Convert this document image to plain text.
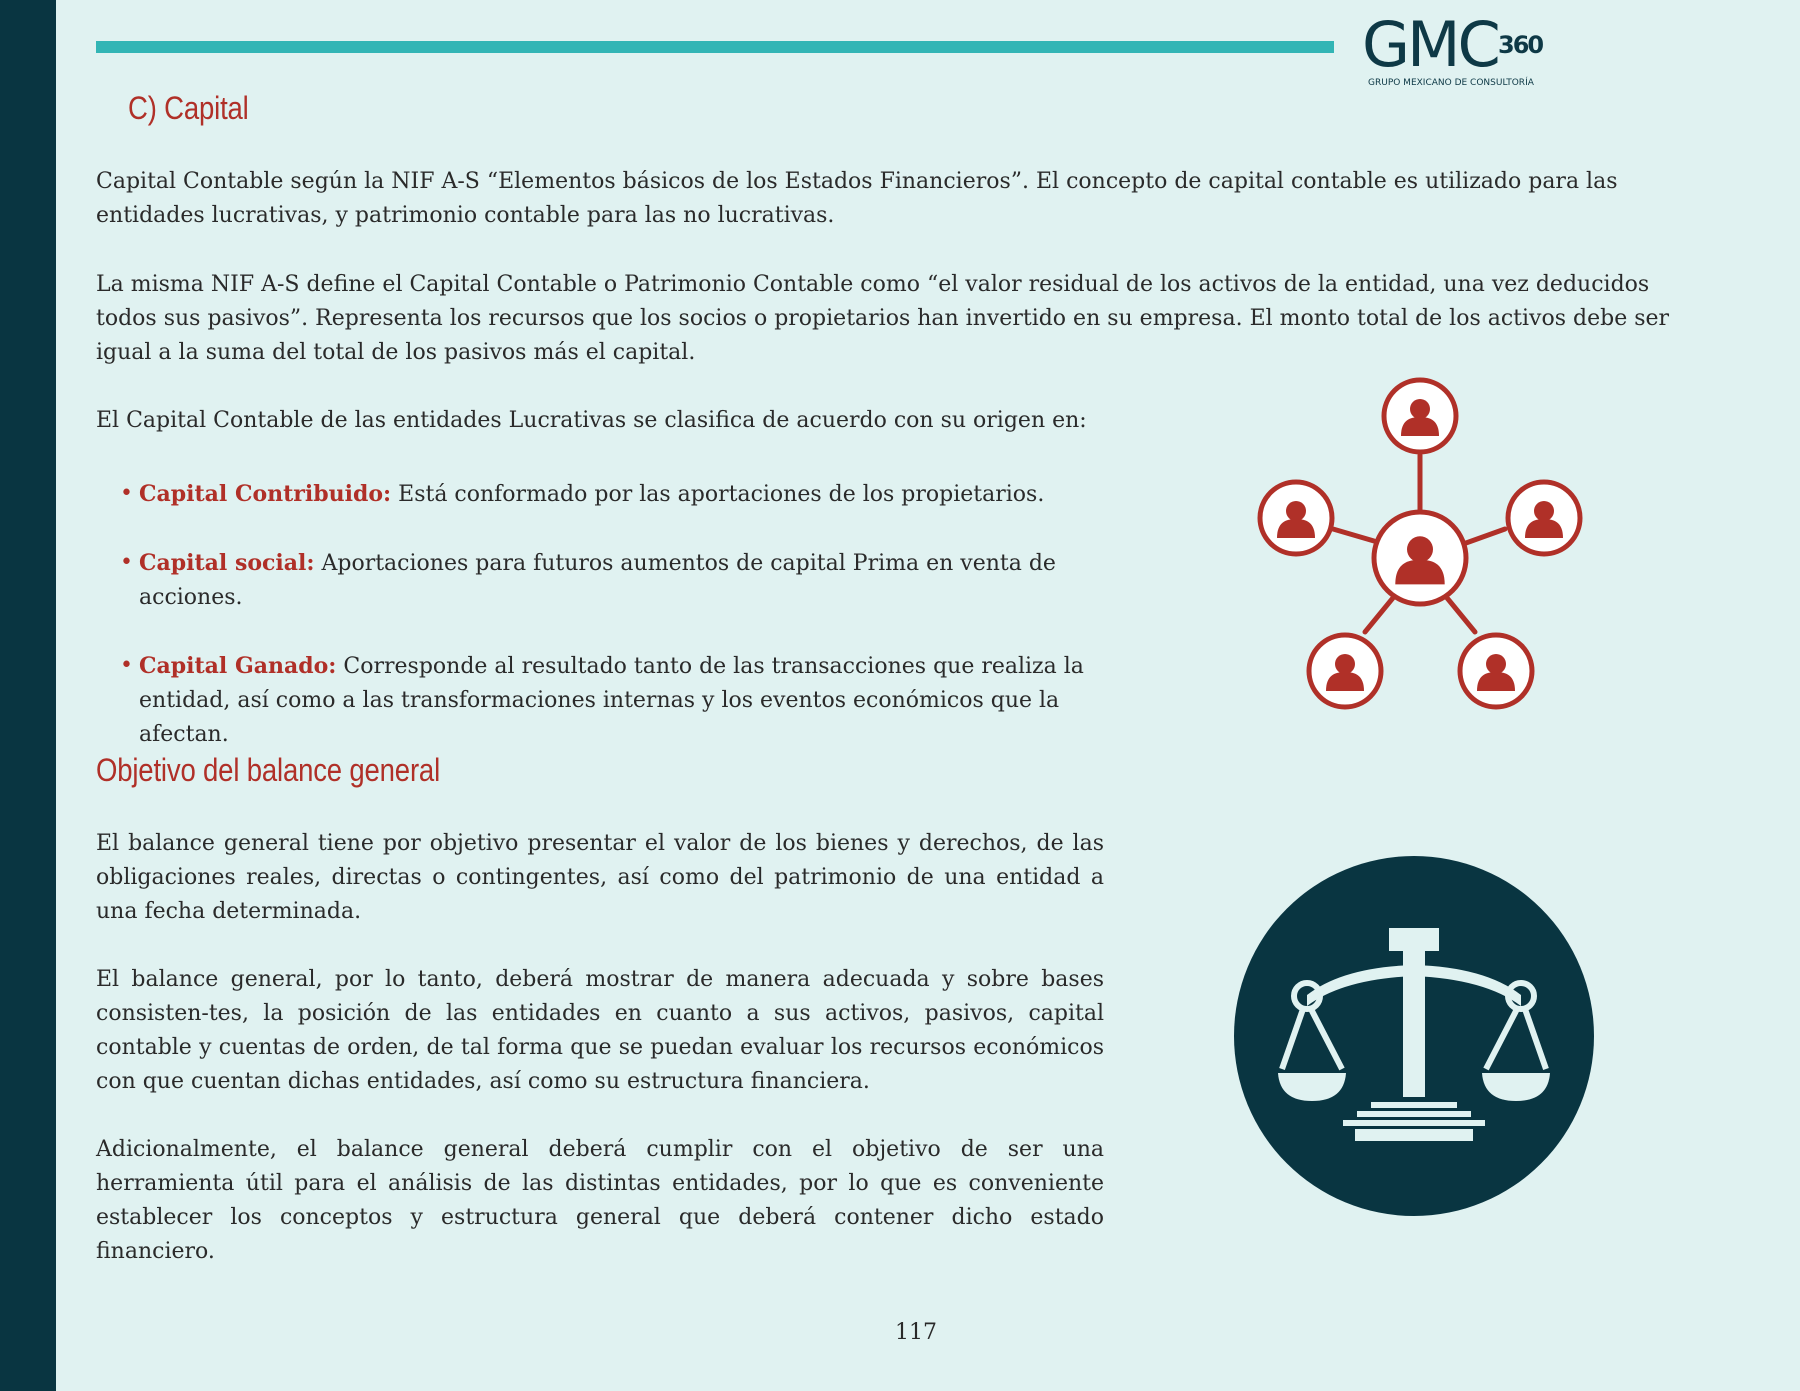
GMC 360
GRUPO MEXICANO DE CONSULTORÍA
C) Capital

Capital Contable según la NIF A-S “Elementos básicos de los Estados Financieros”. El concepto de capital contable es utilizado para las entidades lucrativas, y patrimonio contable para las no lucrativas.

La misma NIF A-S define el Capital Contable o Patrimonio Contable como “el valor residual de los activos de la entidad, una vez deducidos todos sus pasivos”. Representa los recursos que los socios o propietarios han invertido en su empresa. El monto total de los activos debe ser igual a la suma del total de los pasivos más el capital.

El Capital Contable de las entidades Lucrativas se clasifica de acuerdo con su origen en:

• Capital Contribuido: Está conformado por las aportaciones de los propietarios.
• Capital social: Aportaciones para futuros aumentos de capital Prima en venta de acciones.
• Capital Ganado: Corresponde al resultado tanto de las transacciones que realiza la entidad, así como a las transformaciones internas y los eventos económicos que la afectan.
Objetivo del balance general

El balance general tiene por objetivo presentar el valor de los bienes y derechos, de las obligaciones reales, directas o contingentes, así como del patrimonio de una entidad a una fecha determinada.

El balance general, por lo tanto, deberá mostrar de manera adecuada y sobre bases consisten-tes, la posición de las entidades en cuanto a sus activos, pasivos, capital contable y cuentas de orden, de tal forma que se puedan evaluar los recursos económicos con que cuentan dichas entidades, así como su estructura financiera.

Adicionalmente, el balance general deberá cumplir con el objetivo de ser una herramienta útil para el análisis de las distintas entidades, por lo que es conveniente establecer los conceptos y estructura general que deberá contener dicho estado financiero.

117
